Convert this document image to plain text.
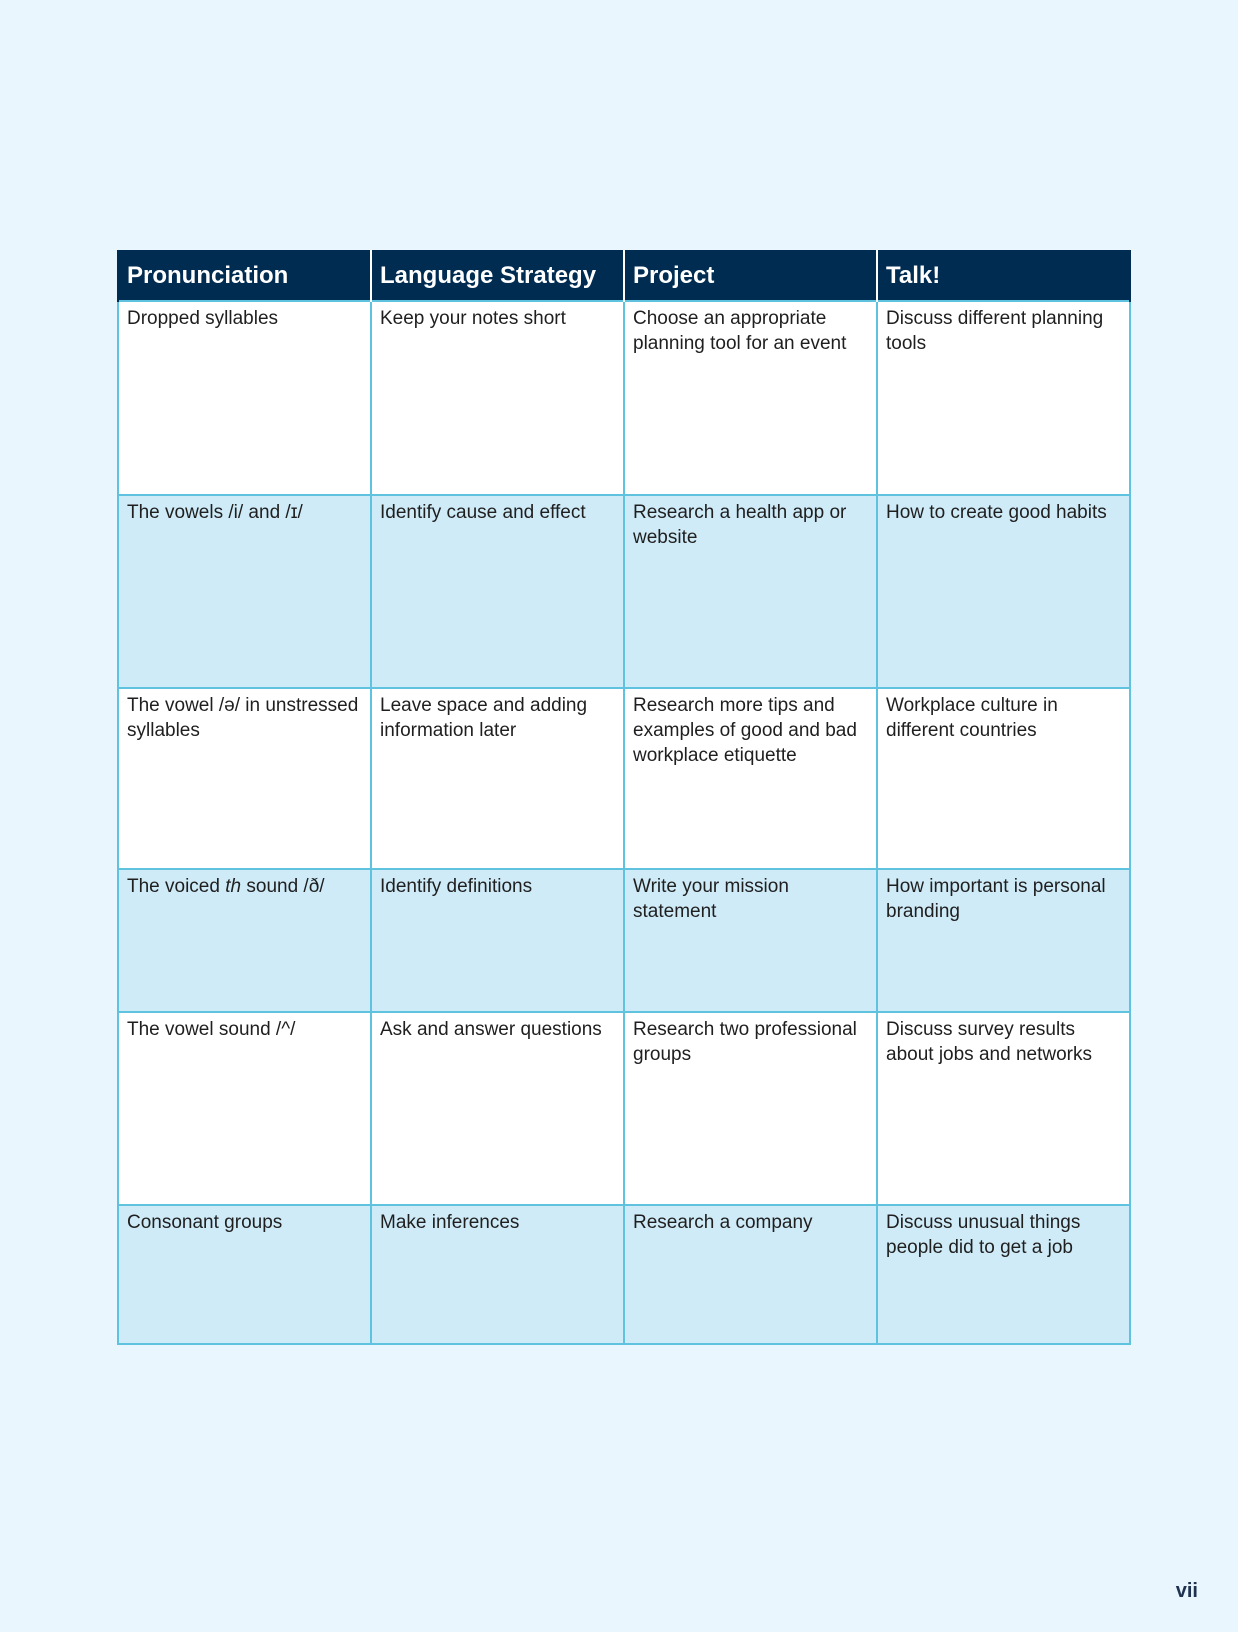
Pronunciation	Language Strategy	Project	Talk!
Dropped syllables	Keep your notes short	Choose an appropriate planning tool for an event	Discuss different planning tools
The vowels /i/ and /ɪ/	Identify cause and effect	Research a health app or website	How to create good habits
The vowel /ə/ in unstressed syllables	Leave space and adding information later	Research more tips and examples of good and bad workplace etiquette	Workplace culture in different countries
The voiced th sound /ð/	Identify definitions	Write your mission statement	How important is personal branding
The vowel sound /^/	Ask and answer questions	Research two professional groups	Discuss survey results about jobs and networks
Consonant groups	Make inferences	Research a company	Discuss unusual things people did to get a job
vii
